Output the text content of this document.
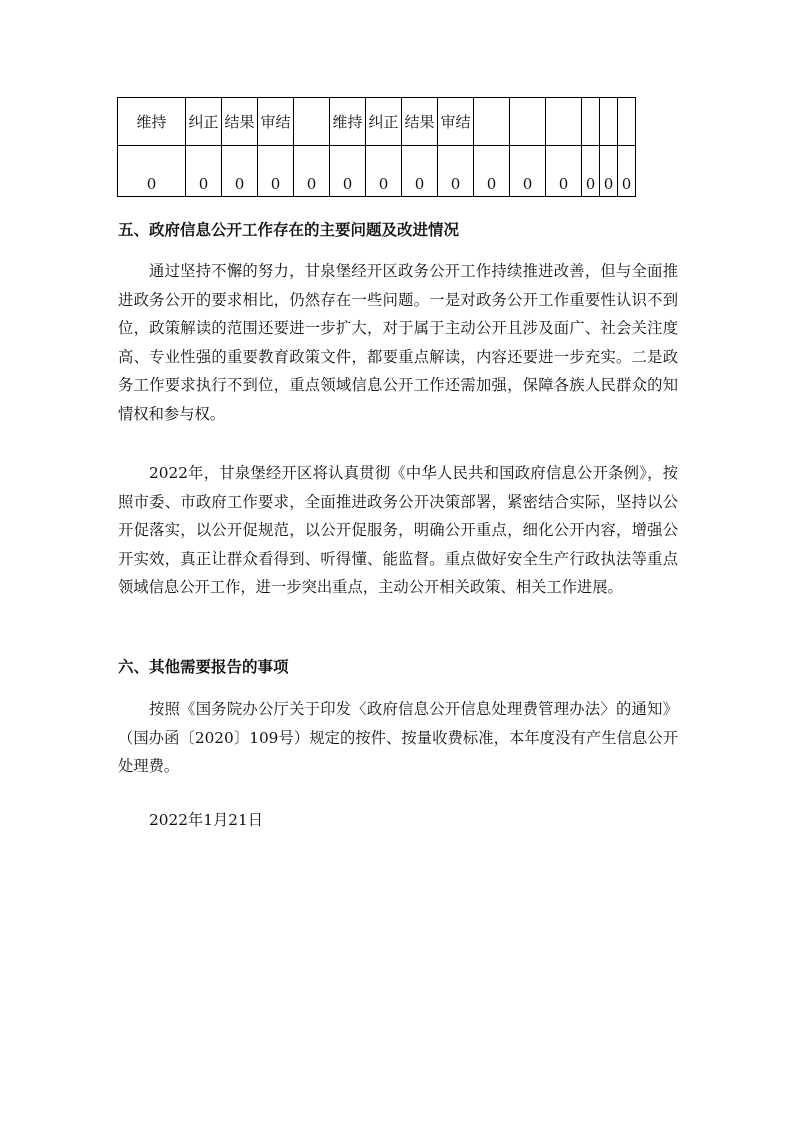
维持	纠正	结果	审结		维持	纠正	结果	审结						
0	0	0	0	0	0	0	0	0	0	0	0	0	0	0
五、政府信息公开工作存在的主要问题及改进情况

通过坚持不懈的努力，甘泉堡经开区政务公开工作持续推进改善，但与全面推进政务公开的要求相比，仍然存在一些问题。一是对政务公开工作重要性认识不到位，政策解读的范围还要进一步扩大，对于属于主动公开且涉及面广、社会关注度高、专业性强的重要教育政策文件，都要重点解读，内容还要进一步充实。二是政务工作要求执行不到位，重点领域信息公开工作还需加强，保障各族人民群众的知情权和参与权。

2022年，甘泉堡经开区将认真贯彻《中华人民共和国政府信息公开条例》，按照市委、市政府工作要求，全面推进政务公开决策部署，紧密结合实际，坚持以公开促落实，以公开促规范，以公开促服务，明确公开重点，细化公开内容，增强公开实效，真正让群众看得到、听得懂、能监督。重点做好安全生产行政执法等重点领域信息公开工作，进一步突出重点，主动公开相关政策、相关工作进展。

六、其他需要报告的事项

按照《国务院办公厅关于印发〈政府信息公开信息处理费管理办法〉的通知》（国办函〔2020〕109号）规定的按件、按量收费标准，本年度没有产生信息公开处理费。

2022年1月21日
